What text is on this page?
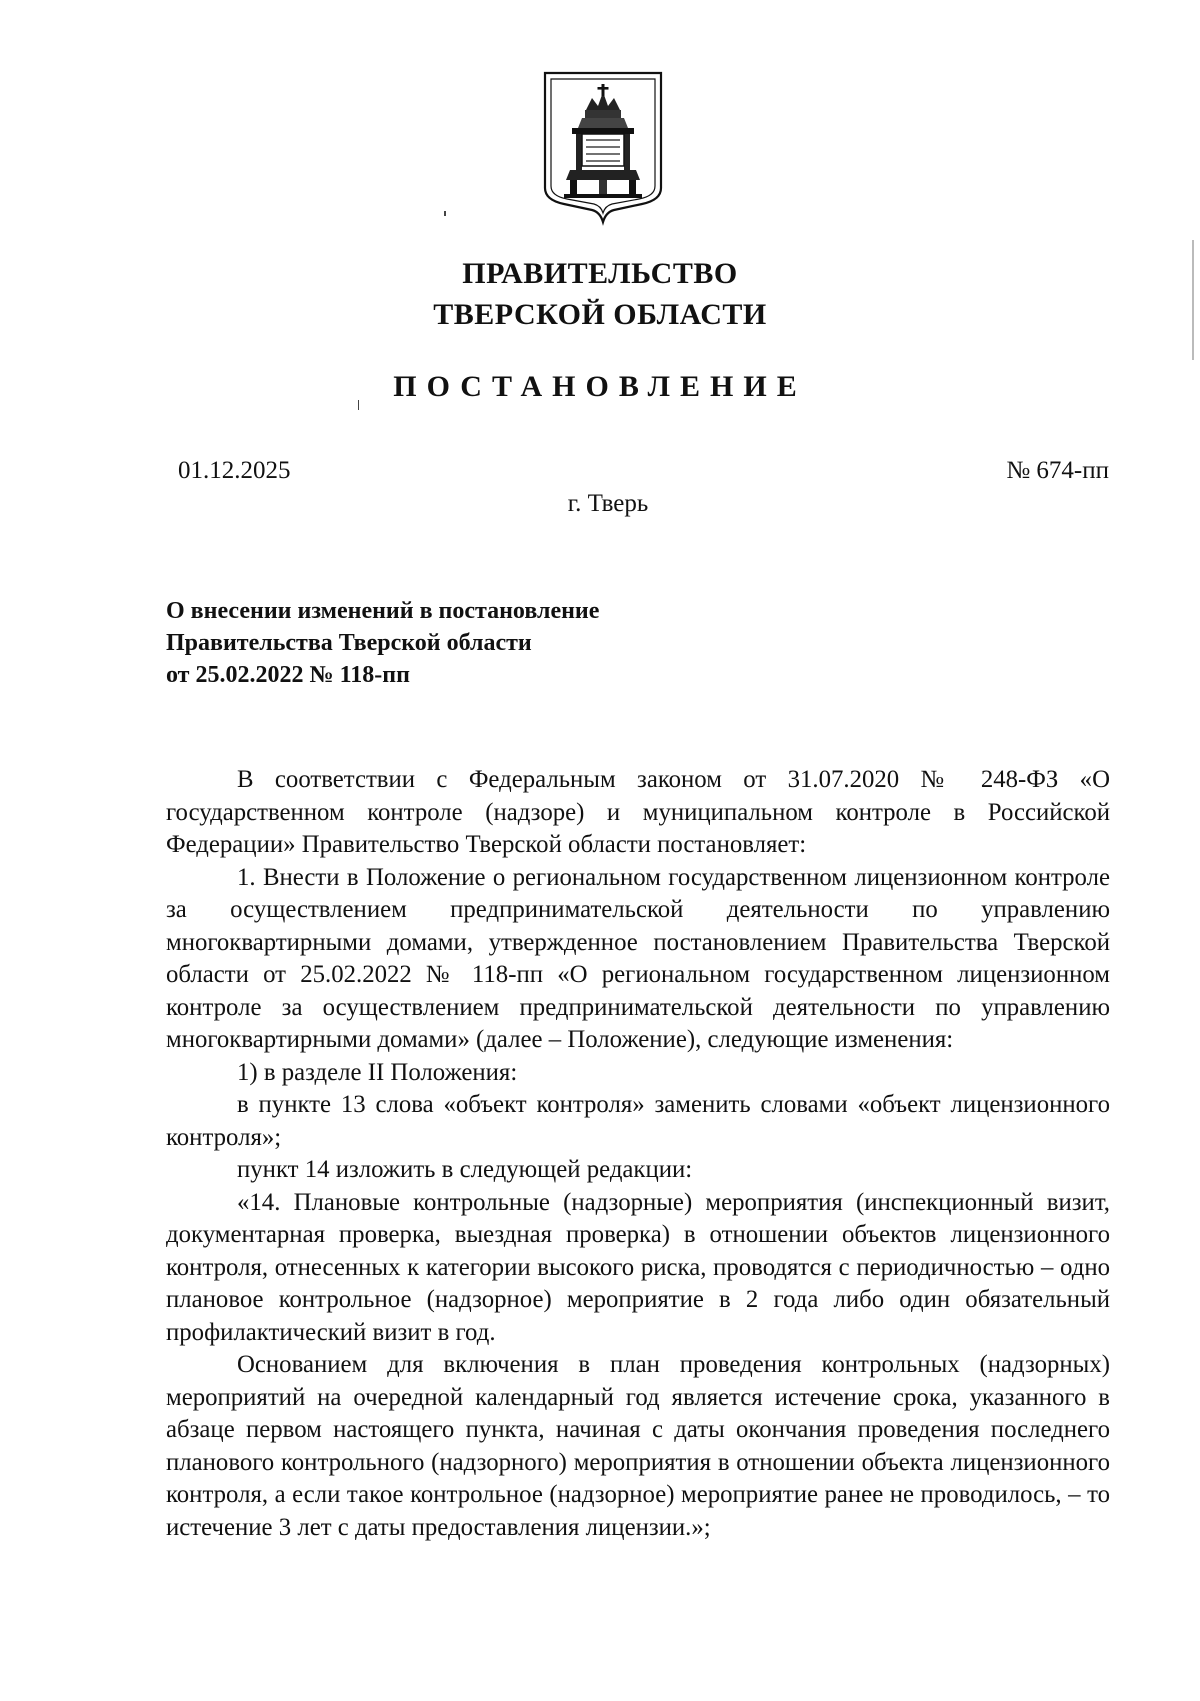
ПРАВИТЕЛЬСТВО
ТВЕРСКОЙ ОБЛАСТИ
ПОСТАНОВЛЕНИЕ
01.12.2025	№ 674-пп
г. Тверь
О внесении изменений в постановление
Правительства Тверской области
от 25.02.2022 № 118-пп

В соответствии с Федеральным законом от 31.07.2020 № 248-ФЗ «О государственном контроле (надзоре) и муниципальном контроле в Российской Федерации» Правительство Тверской области постановляет:

1. Внести в Положение о региональном государственном лицензионном контроле за осуществлением предпринимательской деятельности по управлению многоквартирными домами, утвержденное постановлением Правительства Тверской области от 25.02.2022 № 118-пп «О региональном государственном лицензионном контроле за осуществлением предпринимательской деятельности по управлению многоквартирными домами» (далее – Положение), следующие изменения:

1) в разделе II Положения:

в пункте 13 слова «объект контроля» заменить словами «объект лицензионного контроля»;

пункт 14 изложить в следующей редакции:

«14. Плановые контрольные (надзорные) мероприятия (инспекционный визит, документарная проверка, выездная проверка) в отношении объектов лицензионного контроля, отнесенных к категории высокого риска, проводятся с периодичностью – одно плановое контрольное (надзорное) мероприятие в 2 года либо один обязательный профилактический визит в год.

Основанием для включения в план проведения контрольных (надзорных) мероприятий на очередной календарный год является истечение срока, указанного в абзаце первом настоящего пункта, начиная с даты окончания проведения последнего планового контрольного (надзорного) мероприятия в отношении объекта лицензионного контроля, а если такое контрольное (надзорное) мероприятие ранее не проводилось, – то истечение 3 лет с даты предоставления лицензии.»;
